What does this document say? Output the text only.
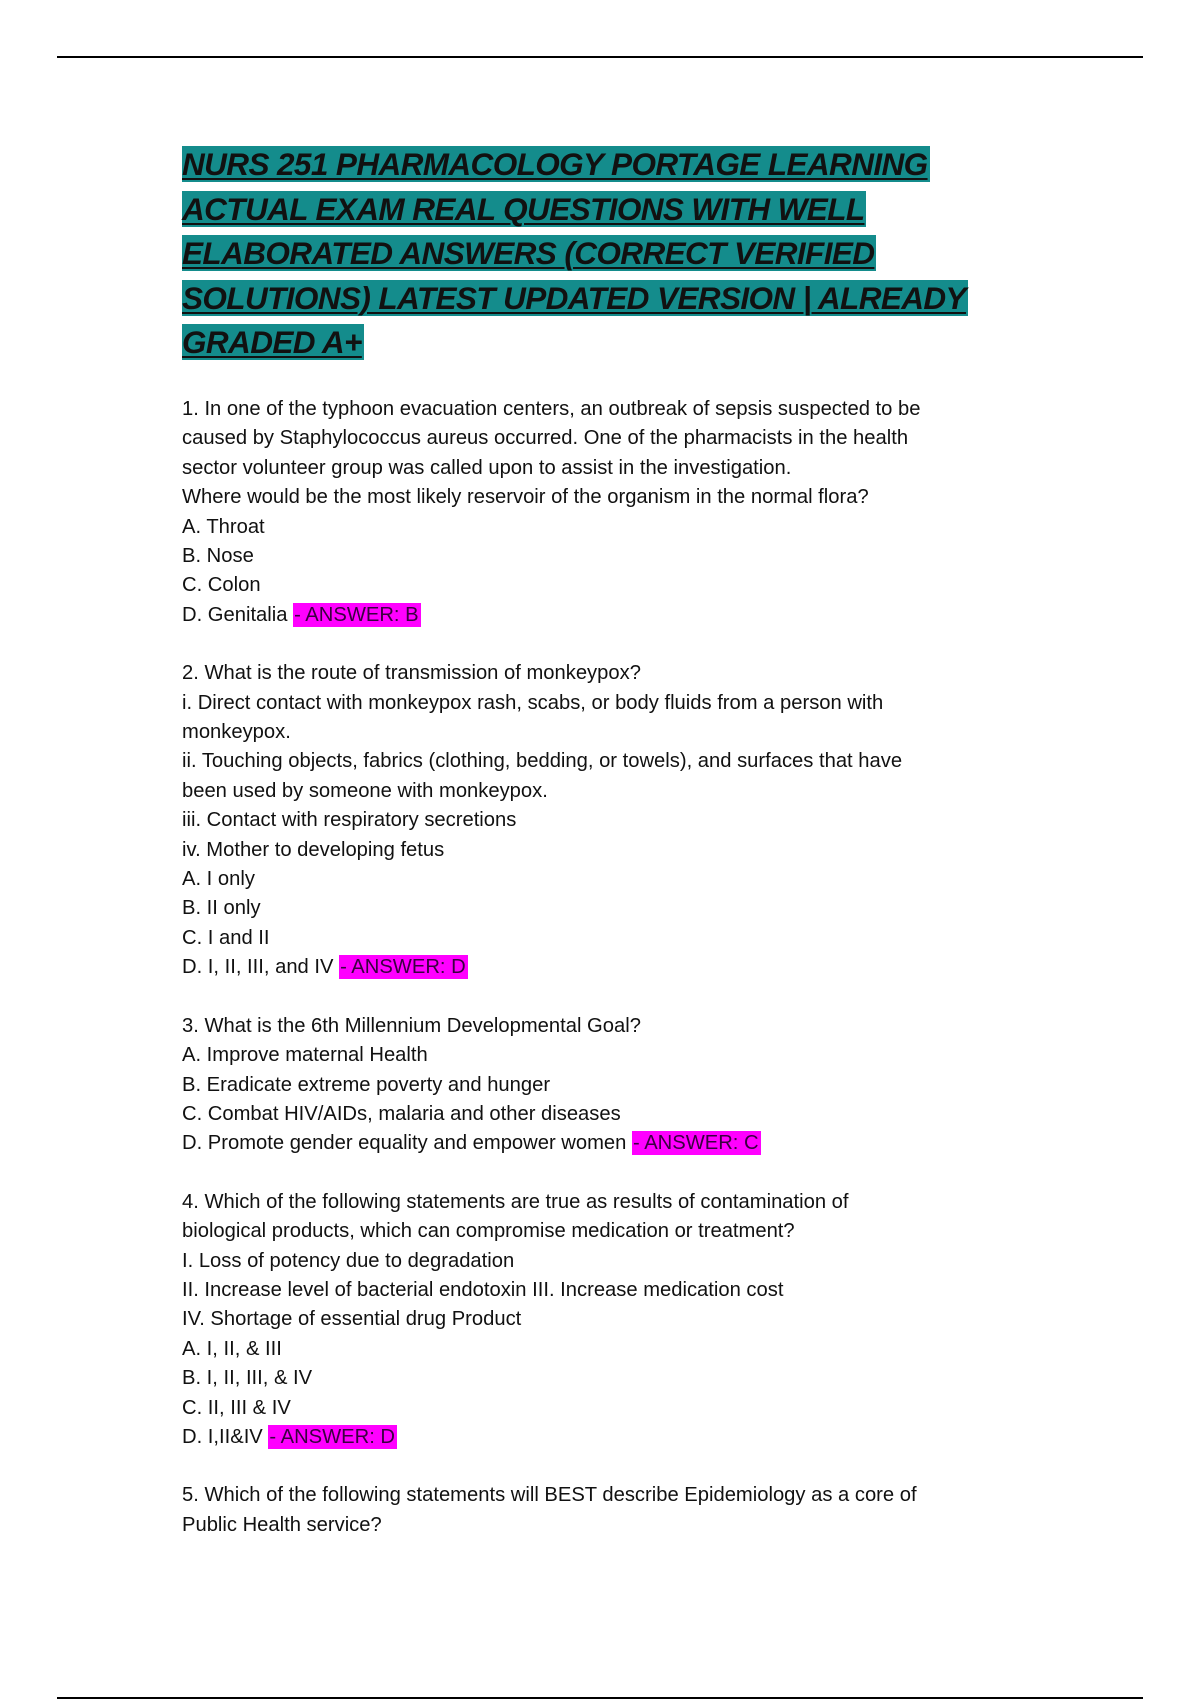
NURS 251 PHARMACOLOGY PORTAGE LEARNING
ACTUAL EXAM REAL QUESTIONS WITH WELL
ELABORATED ANSWERS (CORRECT VERIFIED
SOLUTIONS) LATEST UPDATED VERSION | ALREADY
GRADED A+

1. In one of the typhoon evacuation centers, an outbreak of sepsis suspected to be

caused by Staphylococcus aureus occurred. One of the pharmacists in the health

sector volunteer group was called upon to assist in the investigation.

Where would be the most likely reservoir of the organism in the normal flora?

A. Throat

B. Nose

C. Colon

D. Genitalia - ANSWER: B

2. What is the route of transmission of monkeypox?

i. Direct contact with monkeypox rash, scabs, or body fluids from a person with

monkeypox.

ii. Touching objects, fabrics (clothing, bedding, or towels), and surfaces that have

been used by someone with monkeypox.

iii. Contact with respiratory secretions

iv. Mother to developing fetus

A. I only

B. II only

C. I and II

D. I, II, III, and IV - ANSWER: D

3. What is the 6th Millennium Developmental Goal?

A. Improve maternal Health

B. Eradicate extreme poverty and hunger

C. Combat HIV/AIDs, malaria and other diseases

D. Promote gender equality and empower women - ANSWER: C

4. Which of the following statements are true as results of contamination of

biological products, which can compromise medication or treatment?

I. Loss of potency due to degradation

II. Increase level of bacterial endotoxin III. Increase medication cost

IV. Shortage of essential drug Product

A. I, II, & III

B. I, II, III, & IV

C. II, III & IV

D. I,II&IV - ANSWER: D

5. Which of the following statements will BEST describe Epidemiology as a core of

Public Health service?
